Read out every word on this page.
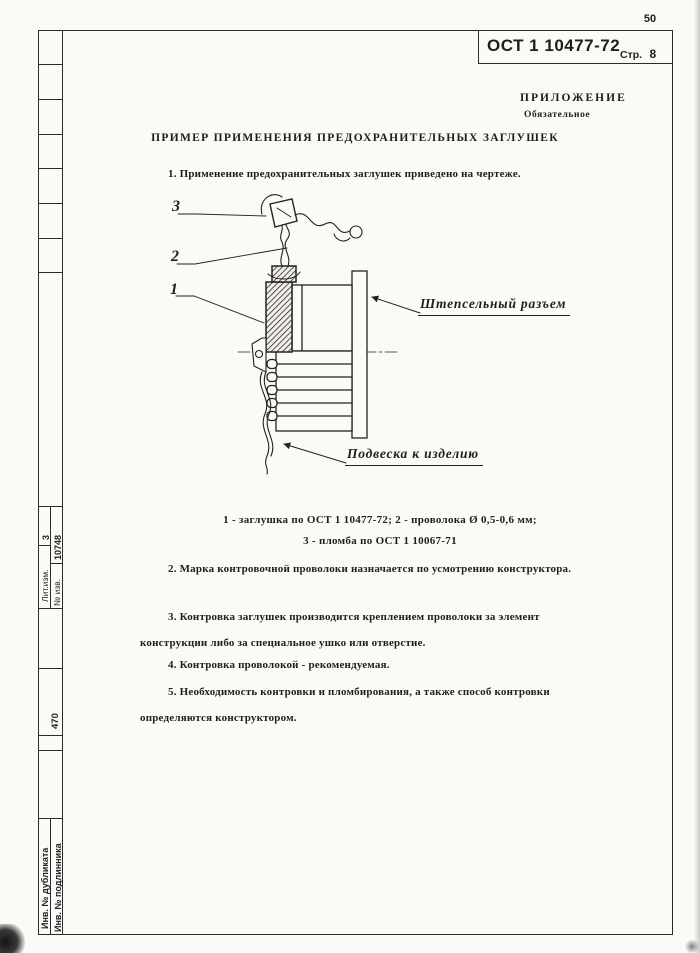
50
ОСТ 1 10477-72 Стр. 8
ПРИЛОЖЕНИЕ
Обязательное
ПРИМЕР ПРИМЕНЕНИЯ ПРЕДОХРАНИТЕЛЬНЫХ ЗАГЛУШЕК
1. Применение предохранительных заглушек приведено на чертеже.
3
2
1
Штепсельный разъем
Подвеска к изделию
1 - заглушка по ОСТ 1 10477-72; 2 - проволока Ø 0,5-0,6 мм;
3 - пломба по ОСТ 1 10067-71
2. Марка контровочной проволоки назначается по усмотрению конструктора.
3. Контровка заглушек производится креплением проволоки за элемент конструкции либо за специальное ушко или отверстие.
4. Контровка проволокой - рекомендуемая.
5. Необходимость контровки и пломбирования, а также способ контровки определяются конструктором.
3
Лит.изм.
10748
№ изв.
470
Инв. № дубликата Инв. № подлинника
